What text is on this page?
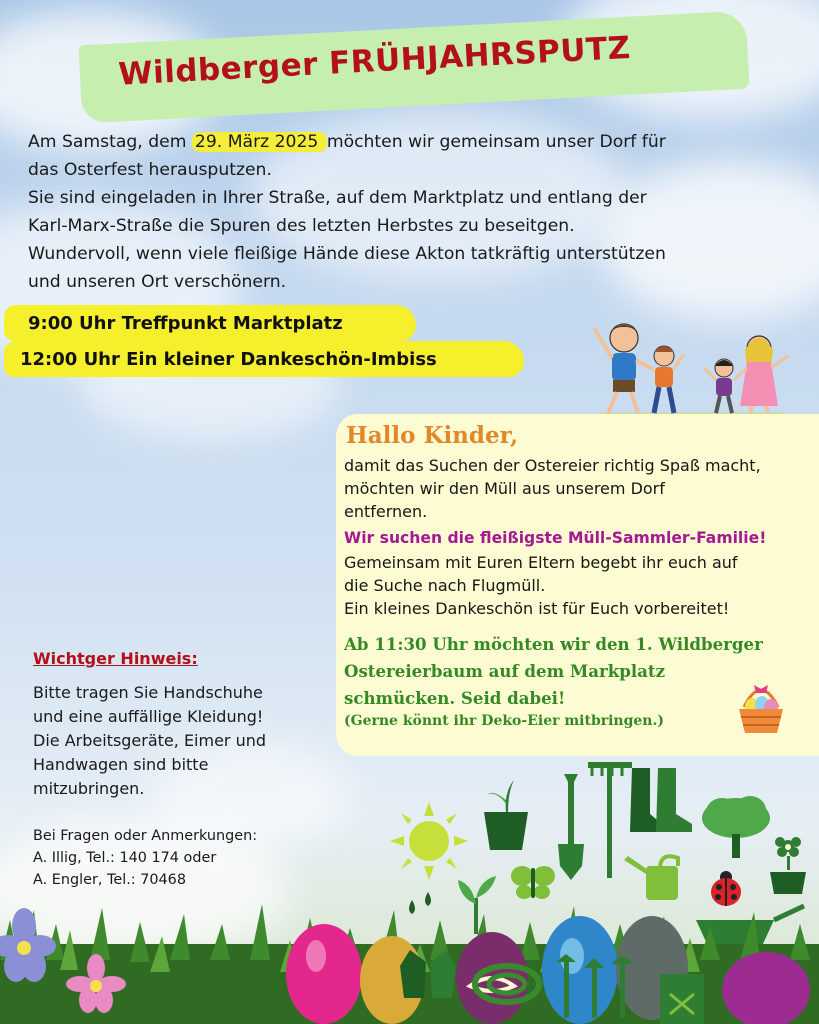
Wildberger FRÜHJAHRSPUTZ
Am Samstag, dem 29. März 2025 möchten wir gemeinsam unser Dorf für
das Osterfest herausputzen.
Sie sind eingeladen in Ihrer Straße, auf dem Marktplatz und entlang der
Karl-Marx-Straße die Spuren des letzten Herbstes zu beseitgen.
Wundervoll, wenn viele fleißige Hände diese Akton tatkräftig unterstützen
und unseren Ort verschönern.
9:00 Uhr Treffpunkt Marktplatz
12:00 Uhr Ein kleiner Dankeschön-Imbiss
Hallo Kinder,
damit das Suchen der Ostereier richtig Spaß macht,
möchten wir den Müll aus unserem Dorf
entfernen.
Wir suchen die fleißigste Müll-Sammler-Familie!
Gemeinsam mit Euren Eltern begebt ihr euch auf
die Suche nach Flugmüll.
Ein kleines Dankeschön ist für Euch vorbereitet!
Ab 11:30 Uhr möchten wir den 1. Wildberger
Ostereierbaum auf dem Markplatz
schmücken. Seid dabei!
(Gerne könnt ihr Deko-Eier mitbringen.)
Wichtger Hinweis:
Bitte tragen Sie Handschuhe
und eine auffällige Kleidung!
Die Arbeitsgeräte, Eimer und
Handwagen sind bitte
mitzubringen.
Bei Fragen oder Anmerkungen:
A. Illig, Tel.: 140 174 oder
A. Engler, Tel.: 70468
